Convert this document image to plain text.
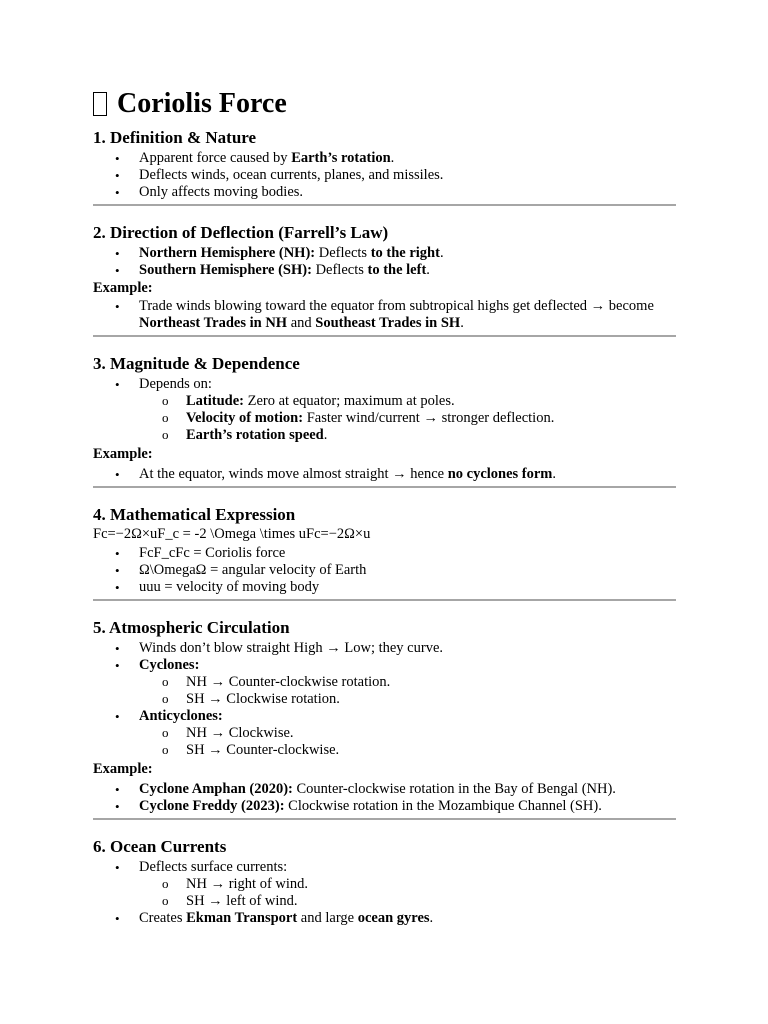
Coriolis Force
1. Definition & Nature
• Apparent force caused by Earth’s rotation.
• Deflects winds, ocean currents, planes, and missiles.
• Only affects moving bodies.
2. Direction of Deflection (Farrell’s Law)
• Northern Hemisphere (NH): Deflects to the right.
• Southern Hemisphere (SH): Deflects to the left.
Example:
• Trade winds blowing toward the equator from subtropical highs get deflected → become Northeast Trades in NH and Southeast Trades in SH.
3. Magnitude & Dependence
• Depends on:
o Latitude: Zero at equator; maximum at poles.
o Velocity of motion: Faster wind/current → stronger deflection.
o Earth’s rotation speed.
Example:
• At the equator, winds move almost straight → hence no cyclones form.
4. Mathematical Expression
Fc=−2Ω×uF_c = -2 \Omega \times uFc=−2Ω×u
• FcF_cFc = Coriolis force
• Ω\OmegaΩ = angular velocity of Earth
• uuu = velocity of moving body
5. Atmospheric Circulation
• Winds don’t blow straight High → Low; they curve.
• Cyclones:
o NH → Counter-clockwise rotation.
o SH → Clockwise rotation.
• Anticyclones:
o NH → Clockwise.
o SH → Counter-clockwise.
Example:
• Cyclone Amphan (2020): Counter-clockwise rotation in the Bay of Bengal (NH).
• Cyclone Freddy (2023): Clockwise rotation in the Mozambique Channel (SH).
6. Ocean Currents
• Deflects surface currents:
o NH → right of wind.
o SH → left of wind.
• Creates Ekman Transport and large ocean gyres.
